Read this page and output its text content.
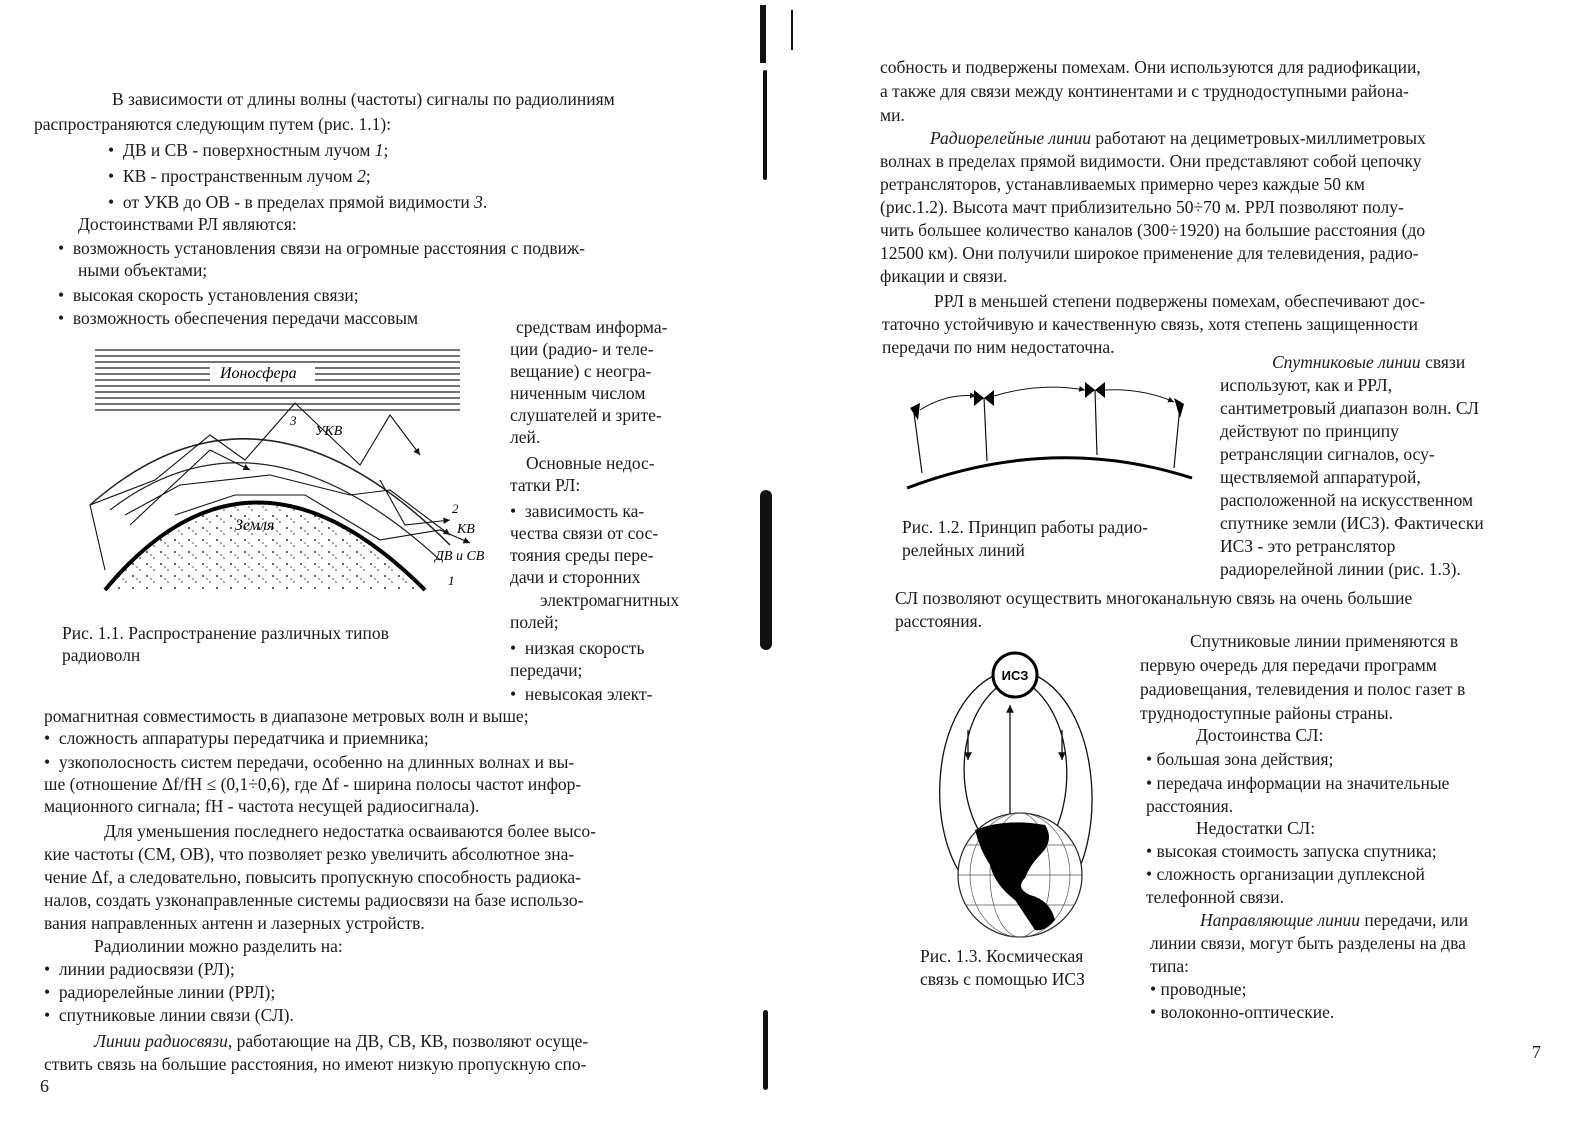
В зависимости от длины волны (частоты) сигналы по радиолиниям
распространяются следующим путем (рис. 1.1):
•  ДВ и СВ - поверхностным лучом 1;
•  КВ - пространственным лучом 2;
•  от УКВ до ОВ - в пределах прямой видимости 3.
Достоинствами РЛ являются:
•  возможность установления связи на огромные расстояния с подвиж-
ными объектами;
•  высокая скорость установления связи;
•  возможность обеспечения передачи массовым	средствам информа-
ции (радио- и теле-
вещание) с неогра-
ниченным числом
слушателей и зрите-
лей.
Основные недос-
татки РЛ:
•  зависимость ка-
чества связи от сос-
тояния среды пере-
дачи и сторонних
электромагнитных
полей;
•  низкая скорость
передачи;
•  невысокая элект-
Ионосфера
Земля
3
УКВ
2
КВ
ДВ и СВ
1
Рис. 1.1. Распространение различных типов
радиоволн
ромагнитная совместимость в диапазоне метровых волн и выше;
•  сложность аппаратуры передатчика и приемника;
•  узкополосность систем передачи, особенно на длинных волнах и вы-
ше (отношение Δf/fH ≤ (0,1÷0,6), где Δf - ширина полосы частот инфор-
мационного сигнала; fH - частота несущей радиосигнала).
Для уменьшения последнего недостатка осваиваются более высо-
кие частоты (СМ, ОВ), что позволяет резко увеличить абсолютное зна-
чение Δf, а следовательно, повысить пропускную способность радиока-
налов, создать узконаправленные системы радиосвязи на базе использо-
вания направленных антенн и лазерных устройств.
Радиолинии можно разделить на:
•  линии радиосвязи (РЛ);
•  радиорелейные линии (РРЛ);
•  спутниковые линии связи (СЛ).
Линии радиосвязи, работающие на ДВ, СВ, КВ, позволяют осуще-
ствить связь на большие расстояния, но имеют низкую пропускную спо-
6
собность и подвержены помехам. Они используются для радиофикации,
а также для связи между континентами и с труднодоступными района-
ми.
Радиорелейные линии работают на дециметровых-миллиметровых
волнах в пределах прямой видимости. Они представляют собой цепочку
ретрансляторов, устанавливаемых примерно через каждые 50 км
(рис.1.2). Высота мачт приблизительно 50÷70 м. РРЛ позволяют полу-
чить большее количество каналов (300÷1920) на большие расстояния (до
12500 км). Они получили широкое применение для телевидения, радио-
фикации и связи.
РРЛ в меньшей степени подвержены помехам, обеспечивают дос-
таточно устойчивую и качественную связь, хотя степень защищенности
передачи по ним недостаточна.
Спутниковые линии связи
используют, как и РРЛ,
сантиметровый диапазон волн. СЛ
действуют по принципу
ретрансляции сигналов, осу-
ществляемой аппаратурой,
расположенной на искусственном
спутнике земли (ИСЗ). Фактически
ИСЗ - это ретранслятор
радиорелейной линии (рис. 1.3).
Рис. 1.2. Принцип работы радио-
релейных линий
СЛ позволяют осуществить многоканальную связь на очень большие
расстояния.
Спутниковые линии применяются в
первую очередь для передачи программ
радиовещания, телевидения и полос газет в
труднодоступные районы страны.
ИСЗ
Рис. 1.3. Космическая
связь с помощью ИСЗ
Достоинства СЛ:
• большая зона действия;
• передача информации на значительные
расстояния.
Недостатки СЛ:
• высокая стоимость запуска спутника;
• сложность организации дуплексной
телефонной связи.
Направляющие линии передачи, или
линии связи, могут быть разделены на два
типа:
• проводные;
• волоконно-оптические.
7
